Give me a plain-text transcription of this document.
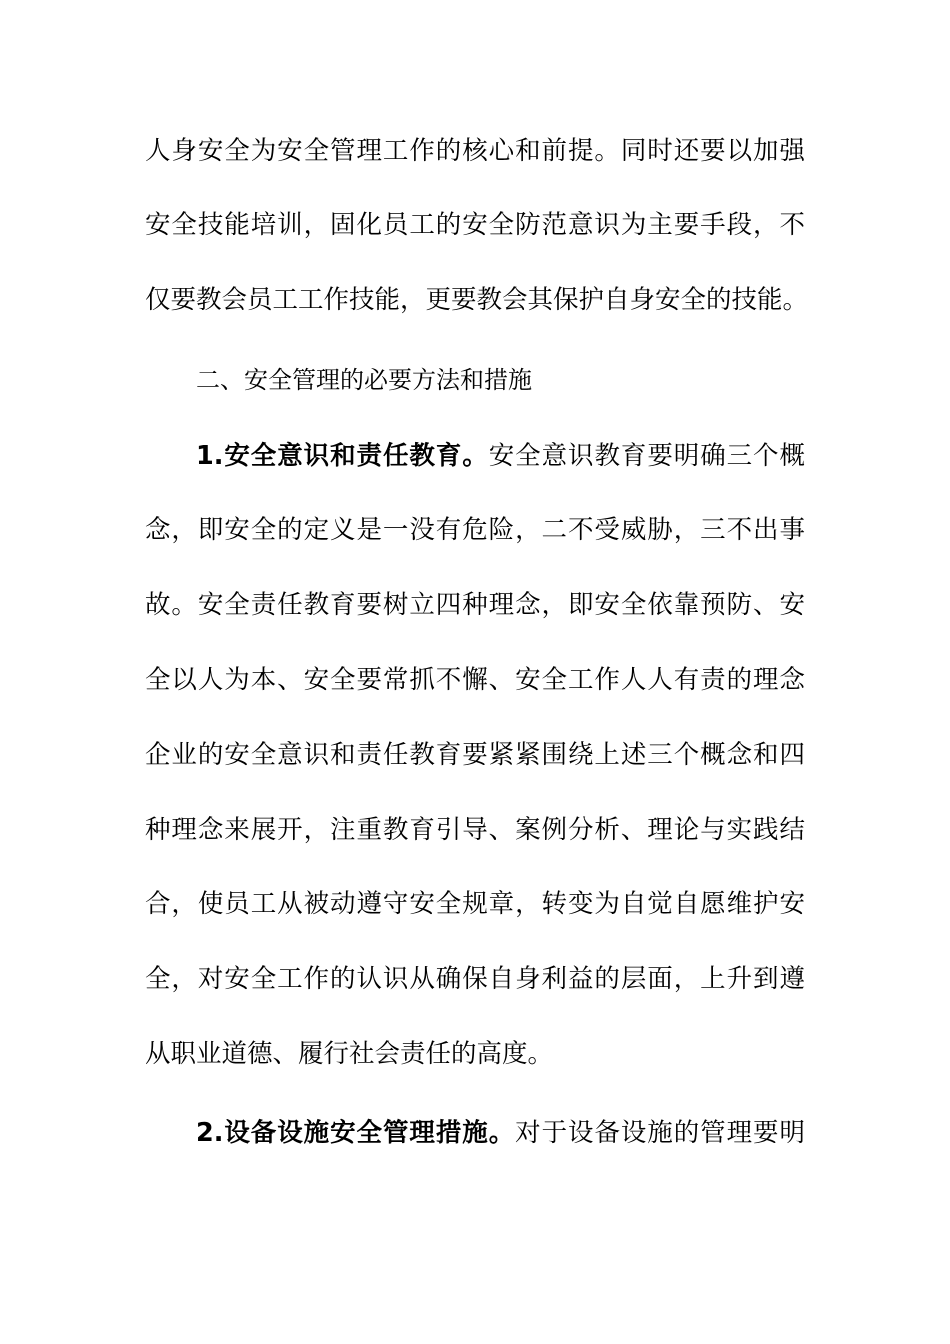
人身安全为安全管理工作的核心和前提。同时还要以加强
安全技能培训，固化员工的安全防范意识为主要手段，不
仅要教会员工工作技能，更要教会其保护自身安全的技能。
二、安全管理的必要方法和措施
1.安全意识和责任教育。安全意识教育要明确三个概
念，即安全的定义是一没有危险，二不受威胁，三不出事
故。安全责任教育要树立四种理念，即安全依靠预防、安
全以人为本、安全要常抓不懈、安全工作人人有责的理念
企业的安全意识和责任教育要紧紧围绕上述三个概念和四
种理念来展开，注重教育引导、案例分析、理论与实践结
合，使员工从被动遵守安全规章，转变为自觉自愿维护安
全，对安全工作的认识从确保自身利益的层面，上升到遵
从职业道德、履行社会责任的高度。
2.设备设施安全管理措施。对于设备设施的管理要明
